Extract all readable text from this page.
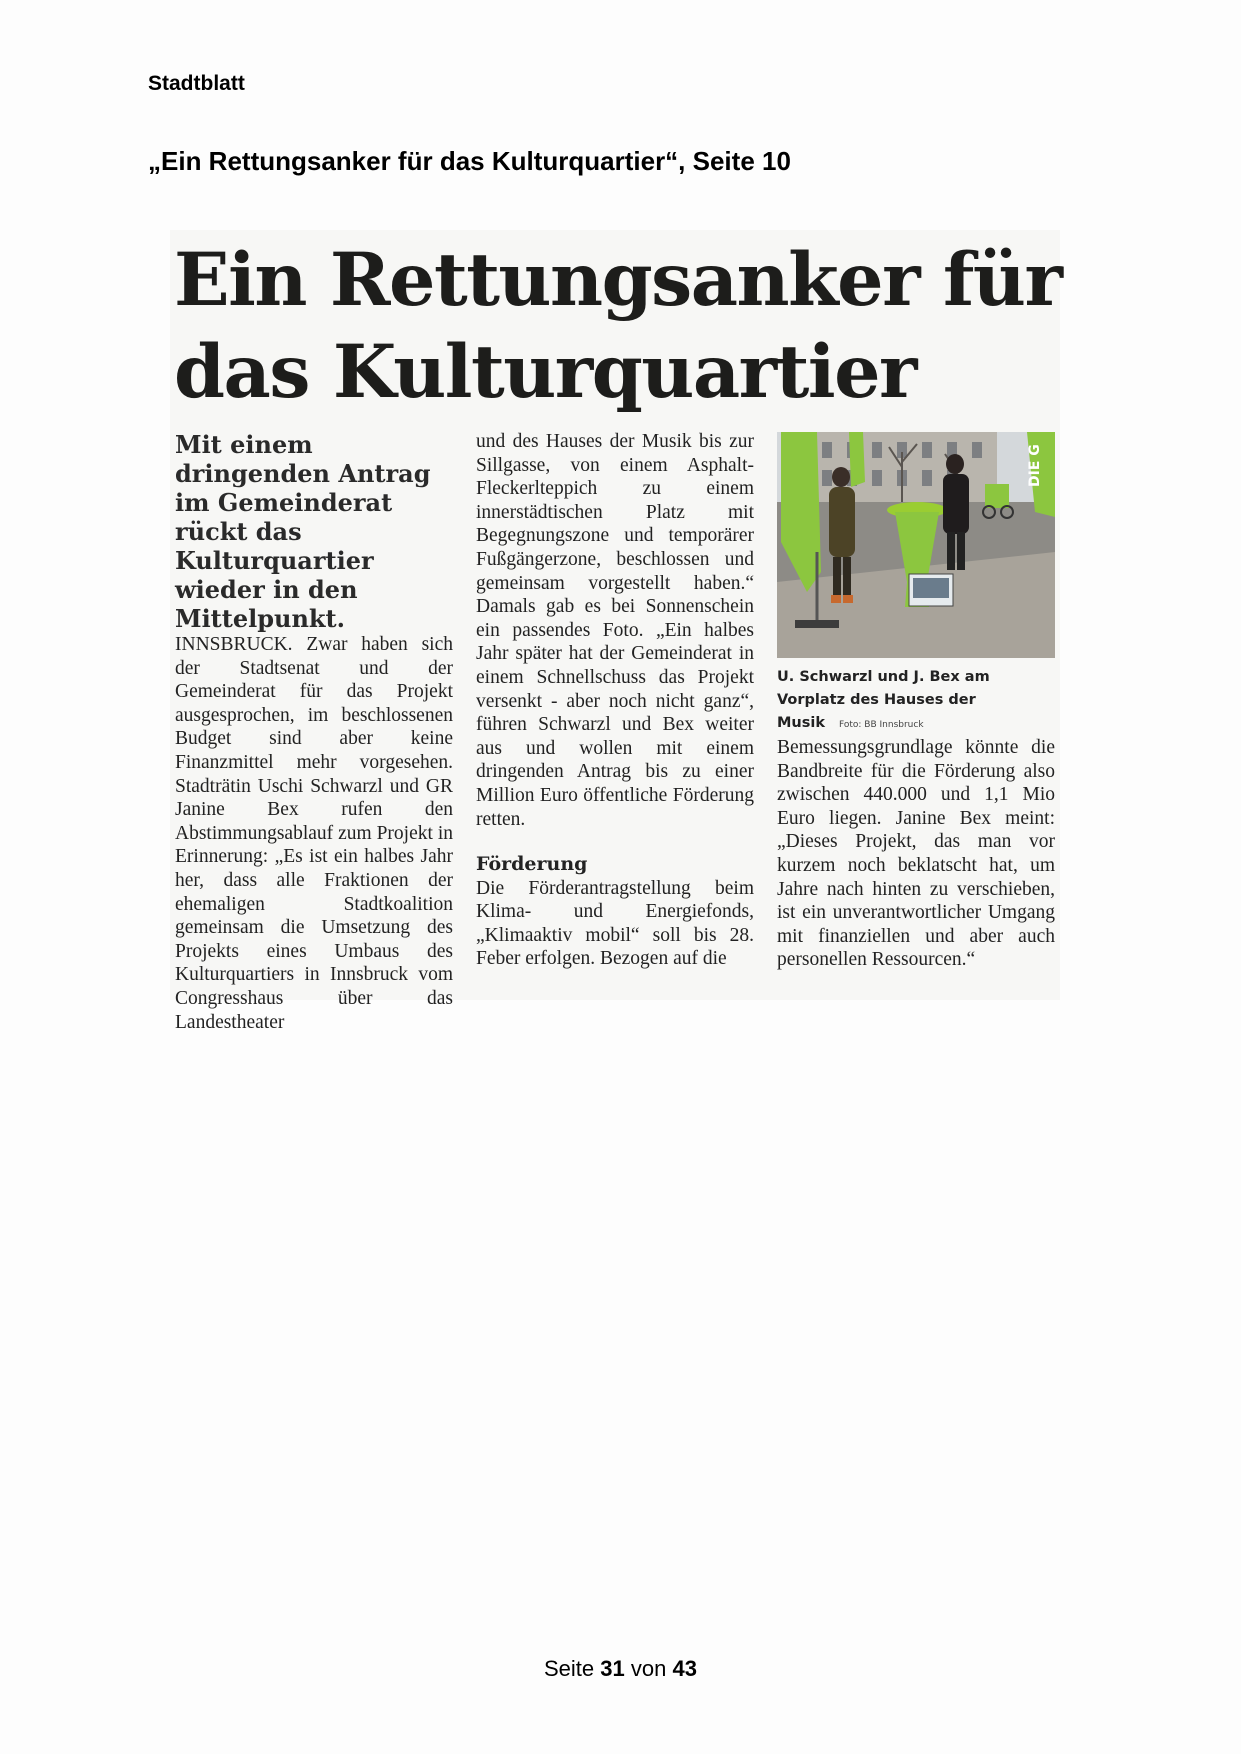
Stadtblatt
„Ein Rettungsanker für das Kulturquartier“, Seite 10
Ein Rettungsanker für das Kulturquartier

Mit einem dringenden Antrag im Gemeinderat rückt das Kulturquartier wieder in den Mittelpunkt.

INNSBRUCK. Zwar haben sich der Stadtsenat und der Gemeinderat für das Projekt ausgesprochen, im beschlossenen Budget sind aber keine Finanzmittel mehr vorgesehen. Stadträtin Uschi Schwarzl und GR Janine Bex rufen den Abstimmungsablauf zum Projekt in Erinnerung: „Es ist ein halbes Jahr her, dass alle Fraktionen der ehemaligen Stadtkoalition gemeinsam die Umsetzung des Projekts eines Umbaus des Kulturquartiers in Innsbruck vom Congresshaus über das Landestheater

und des Hauses der Musik bis zur Sillgasse, von einem Asphalt-Fleckerlteppich zu einem innerstädtischen Platz mit Begegnungszone und temporärer Fußgängerzone, beschlossen und gemeinsam vorgestellt haben.“ Damals gab es bei Sonnenschein ein passendes Foto. „Ein halbes Jahr später hat der Gemeinderat in einem Schnellschuss das Projekt versenkt - aber noch nicht ganz“, führen Schwarzl und Bex weiter aus und wollen mit einem dringenden Antrag bis zu einer Million Euro öffentliche Förderung retten.

Förderung

Die Förderantragstellung beim Klima- und Energiefonds, „Klimaaktiv mobil“ soll bis 28. Feber erfolgen. Bezogen auf die

DIE G
U. Schwarzl und J. Bex am Vorplatz des Hauses der Musik Foto: BB Innsbruck

Bemessungsgrundlage könnte die Bandbreite für die Förderung also zwischen 440.000 und 1,1 Mio Euro liegen. Janine Bex meint: „Dieses Projekt, das man vor kurzem noch beklatscht hat, um Jahre nach hinten zu verschieben, ist ein unverantwortlicher Umgang mit finanziellen und aber auch personellen Ressourcen.“

Seite 31 von 43
